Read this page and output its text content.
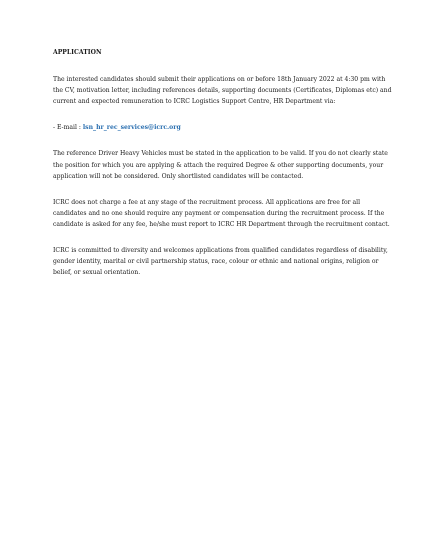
APPLICATION

The interested candidates should submit their applications on or before 18th January 2022 at 4:30 pm with the CV, motivation letter, including references details, supporting documents (Certificates, Diplomas etc) and current and expected remuneration to ICRC Logistics Support Centre, HR Department via:

- E-mail : lsn_hr_rec_services@icrc.org

The reference Driver Heavy Vehicles must be stated in the application to be valid. If you do not clearly state the position for which you are applying & attach the required Degree & other supporting documents, your application will not be considered. Only shortlisted candidates will be contacted.

ICRC does not charge a fee at any stage of the recruitment process. All applications are free for all candidates and no one should require any payment or compensation during the recruitment process. If the candidate is asked for any fee, he/she must report to ICRC HR Department through the recruitment contact.

ICRC is committed to diversity and welcomes applications from qualified candidates regardless of disability, gender identity, marital or civil partnership status, race, colour or ethnic and national origins, religion or belief, or sexual orientation.
